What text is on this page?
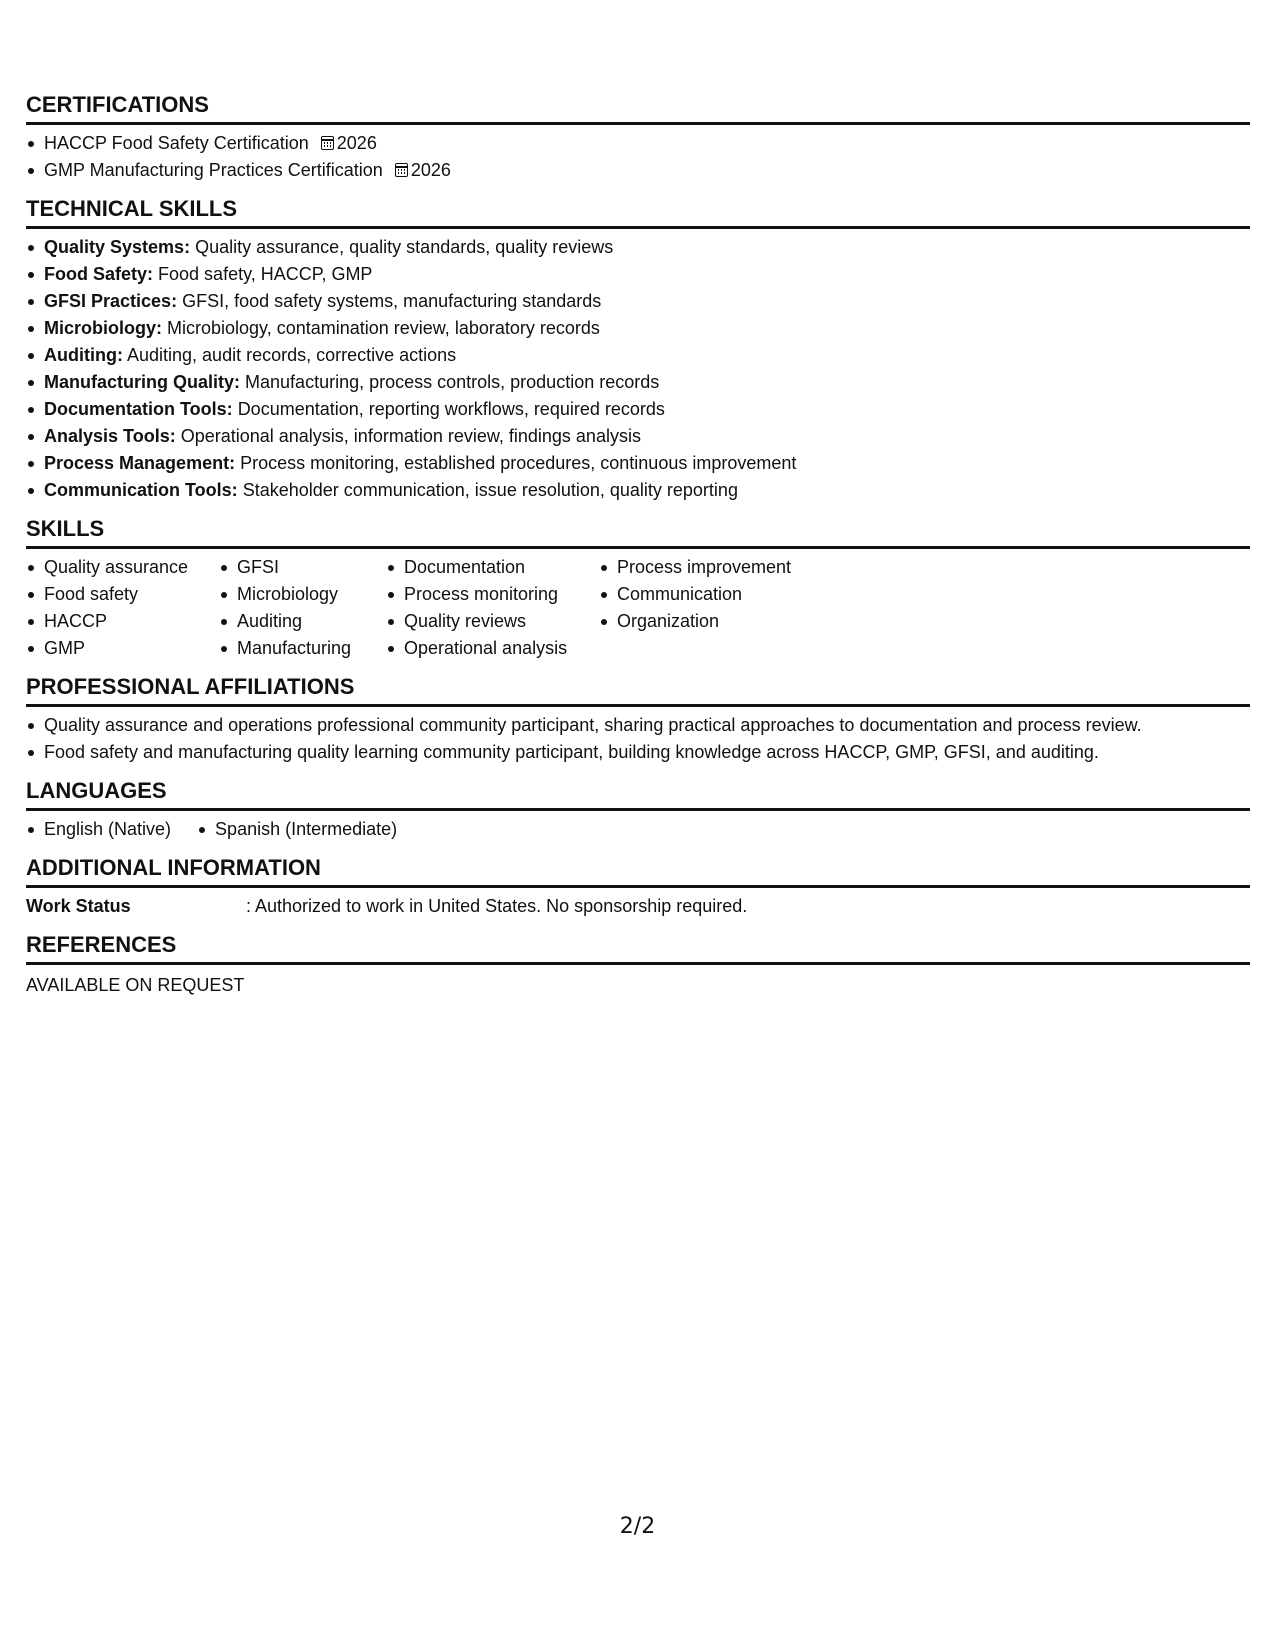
CERTIFICATIONS
HACCP Food Safety Certification 2026
GMP Manufacturing Practices Certification 2026
TECHNICAL SKILLS
Quality Systems: Quality assurance, quality standards, quality reviews
Food Safety: Food safety, HACCP, GMP
GFSI Practices: GFSI, food safety systems, manufacturing standards
Microbiology: Microbiology, contamination review, laboratory records
Auditing: Auditing, audit records, corrective actions
Manufacturing Quality: Manufacturing, process controls, production records
Documentation Tools: Documentation, reporting workflows, required records
Analysis Tools: Operational analysis, information review, findings analysis
Process Management: Process monitoring, established procedures, continuous improvement
Communication Tools: Stakeholder communication, issue resolution, quality reporting
SKILLS
Quality assurance
Food safety
HACCP
GMP
GFSI
Microbiology
Auditing
Manufacturing
Documentation
Process monitoring
Quality reviews
Operational analysis
Process improvement
Communication
Organization
PROFESSIONAL AFFILIATIONS
Quality assurance and operations professional community participant, sharing practical approaches to documentation and process review.
Food safety and manufacturing quality learning community participant, building knowledge across HACCP, GMP, GFSI, and auditing.
LANGUAGES
English (Native)	Spanish (Intermediate)
ADDITIONAL INFORMATION
Work Status	: Authorized to work in United States. No sponsorship required.
REFERENCES
AVAILABLE ON REQUEST
2/2
